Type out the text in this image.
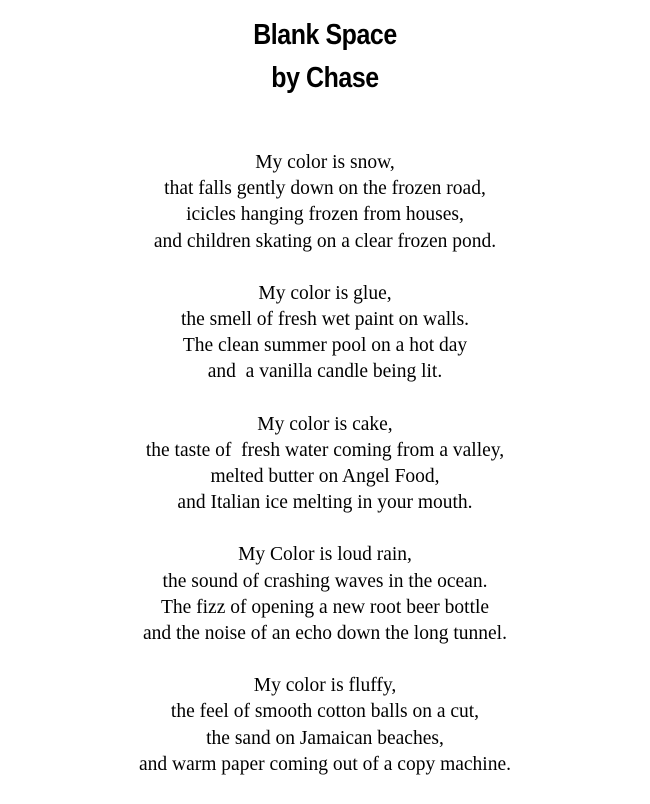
Blank Space
by Chase
My color is snow,
that falls gently down on the frozen road,
icicles hanging frozen from houses,
and children skating on a clear frozen pond.
My color is glue,
the smell of fresh wet paint on walls.
The clean summer pool on a hot day
and  a vanilla candle being lit.
My color is cake,
the taste of  fresh water coming from a valley,
melted butter on Angel Food,
and Italian ice melting in your mouth.
My Color is loud rain,
the sound of crashing waves in the ocean.
The fizz of opening a new root beer bottle
and the noise of an echo down the long tunnel.
My color is fluffy,
the feel of smooth cotton balls on a cut,
the sand on Jamaican beaches,
and warm paper coming out of a copy machine.
